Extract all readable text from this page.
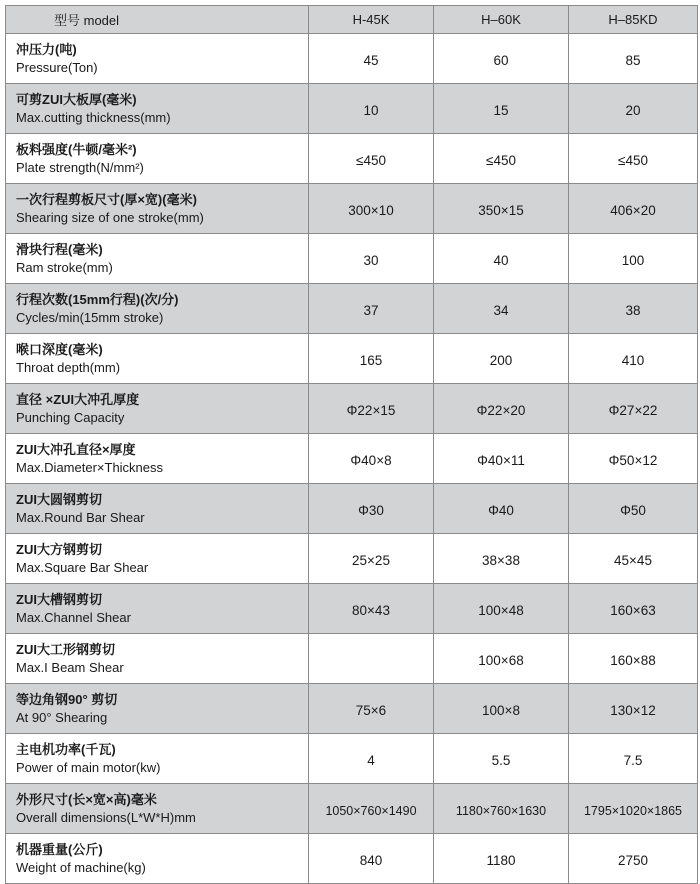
型号 model	H-45K	H–60K	H–85KD

冲压力(吨)
Pressure(Ton)	45	60	85

可剪ZUI大板厚(毫米)
Max.cutting thickness(mm)	10	15	20

板料强度(牛顿/毫米²)
Plate strength(N/mm²)	≤450	≤450	≤450

一次行程剪板尺寸(厚×宽)(毫米)
Shearing size of one stroke(mm)	300×10	350×15	406×20

滑块行程(毫米)
Ram stroke(mm)	30	40	100

行程次数(15mm行程)(次/分)
Cycles/min(15mm stroke)	37	34	38

喉口深度(毫米)
Throat depth(mm)	165	200	410

直径 ×ZUI大冲孔厚度
Punching Capacity	Φ22×15	Φ22×20	Φ27×22

ZUI大冲孔直径×厚度
Max.Diameter×Thickness	Φ40×8	Φ40×11	Φ50×12

ZUI大圆钢剪切
Max.Round Bar Shear	Φ30	Φ40	Φ50

ZUI大方钢剪切
Max.Square Bar Shear	25×25	38×38	45×45

ZUI大槽钢剪切
Max.Channel Shear	80×43	100×48	160×63

ZUI大工形钢剪切
Max.I Beam Shear		100×68	160×88

等边角钢90° 剪切
At 90° Shearing	75×6	100×8	130×12

主电机功率(千瓦)
Power of main motor(kw)	4	5.5	7.5

外形尺寸(长×宽×高)毫米
Overall dimensions(L*W*H)mm	1050×760×1490	1180×760×1630	1795×1020×1865

机器重量(公斤)
Weight of machine(kg)	840	1180	2750
